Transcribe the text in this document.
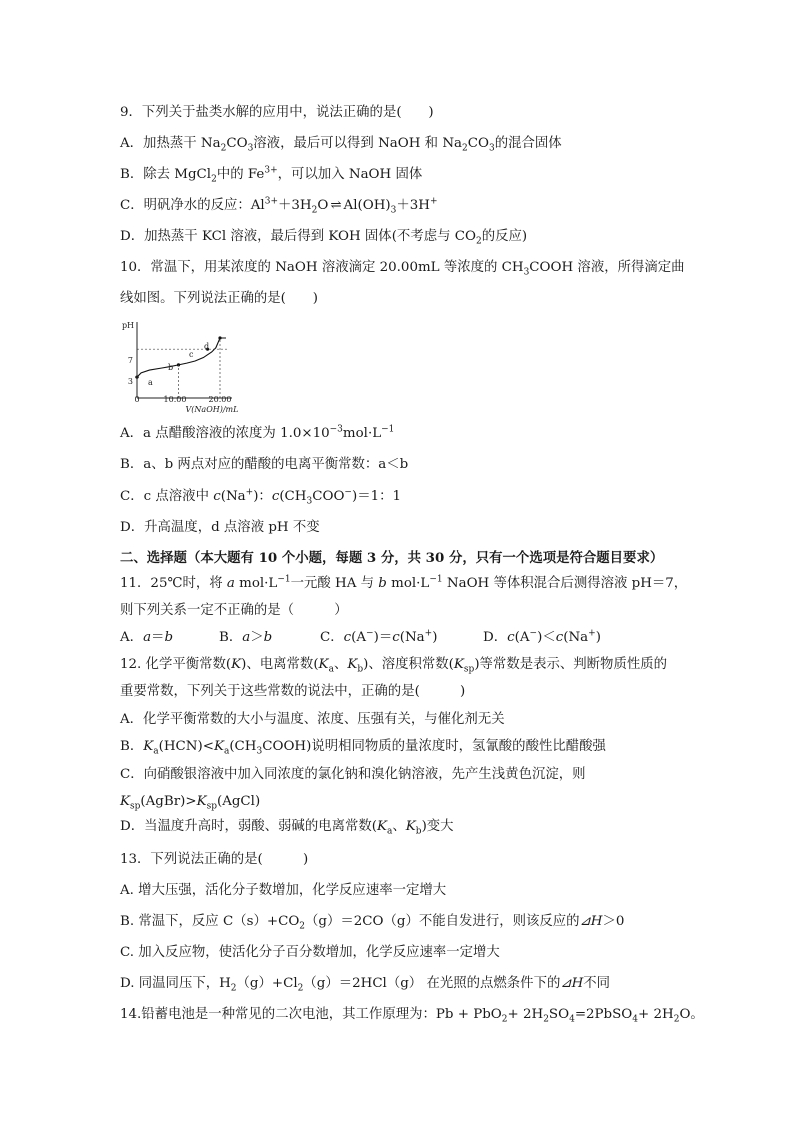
9．下列关于盐类水解的应用中，说法正确的是(　　)
A．加热蒸干 $Na_2CO_3$溶液，最后可以得到 NaOH 和 $Na_2CO_3$的混合固体
B．除去 MgCl$_2$中的 $Fe^{3+}$，可以加入 NaOH 固体
C．明矾净水的反应：$Al^{3+}+3H_2O$ ⇌ $Al(OH)_3+3H^+$
D．加热蒸干 KCl 溶液，最后得到 KOH 固体(不考虑与 $CO_2$的反应)
10．常温下，用某浓度的 NaOH 溶液滴定 20.00mL 等浓度的 $CH_3COOH$ 溶液，所得滴定曲
线如图。下列说法正确的是(　　)
pH
V(NaOH)/mL
0	10.00	20.00
3
7
a
b
c
d
A．a 点醋酸溶液的浓度为 $1.0\times 10^{-3}mol\cdot L^{-1}$
B．a、b 两点对应的醋酸的电离平衡常数：a＜b
C．c 点溶液中 c(Na+)：$c(CH_3COO^-)=1$：1
D．升高温度，d 点溶液 pH 不变
二、选择题（本大题有 10 个小题，每题 3 分，共 30 分，只有一个选项是符合题目要求）
11．25℃时，将 a $mol\cdot L^{-1}$一元酸 HA 与 b $mol\cdot L^{-1}$ NaOH 等体积混合后测得溶液 pH＝7，
则下列关系一定不正确的是（　　　）
A．a＝b	B．a＞b	C．c(A−)＝c(Na+)	D．c(A−)＜c(Na+)
12. 化学平衡常数(K)、电离常数($K_a$、$K_b$)、溶度积常数$(K_{sp})$等常数是表示、判断物质性质的
重要常数，下列关于这些常数的说法中，正确的是(　　　)
A．化学平衡常数的大小与温度、浓度、压强有关，与催化剂无关
B．$K_a(HCN)<K_a(CH_3COOH)$说明相同物质的量浓度时，氢氰酸的酸性比醋酸强
C．向硝酸银溶液中加入同浓度的氯化钠和溴化钠溶液，先产生浅黄色沉淀，则
$K_{sp}(AgBr)>K_{sp}(AgCl)$
D．当温度升高时，弱酸、弱碱的电离常数($K_a$、$K_b$)变大
13．下列说法正确的是(　　　)
A. 增大压强，活化分子数增加，化学反应速率一定增大
B. 常温下，反应 $C(s)+CO_2(g)=2CO(g)$不能自发进行，则该反应的⊿H＞0
C. 加入反应物，使活化分子百分数增加，化学反应速率一定增大
D. 同温同压下，$H_2(g)+Cl_2(g)=2HCl(g)$ 在光照的点燃条件下的⊿H不同
14.铅蓄电池是一种常见的二次电池，其工作原理为：$Pb + PbO_2+ 2H_2SO_4=2PbSO_4+ 2H_2O$。
